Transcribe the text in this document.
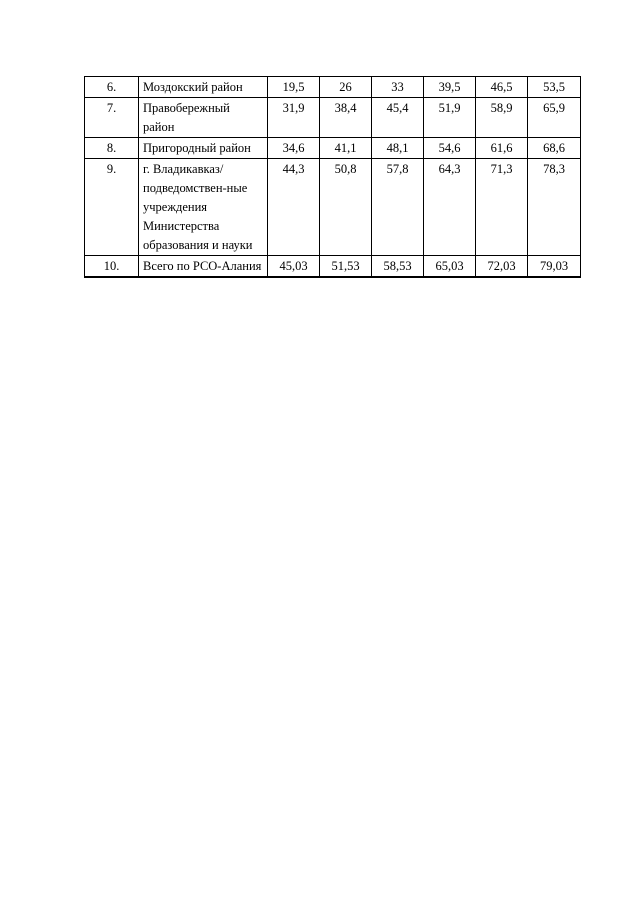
6.	Моздокский район	19,5	26	33	39,5	46,5	53,5
7.	Правобережный район	31,9	38,4	45,4	51,9	58,9	65,9
8.	Пригородный район	34,6	41,1	48,1	54,6	61,6	68,6
9.	г. Владикавказ/ подведомствен-ные учреждения Министерства образования и науки	44,3	50,8	57,8	64,3	71,3	78,3
10.	Всего по РСО-Алания	45,03	51,53	58,53	65,03	72,03	79,03
